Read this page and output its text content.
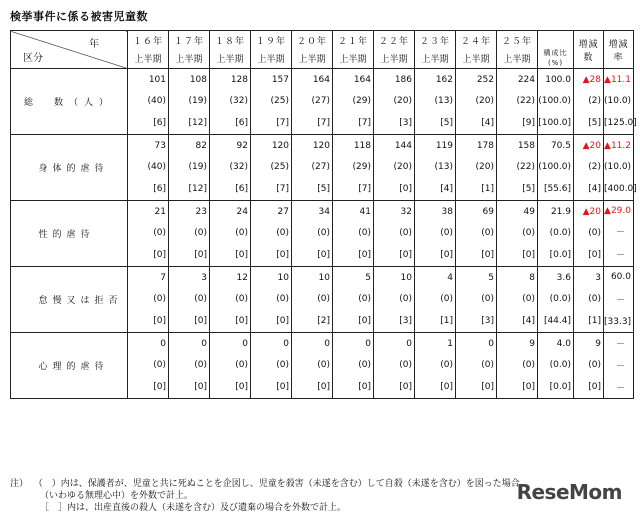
検挙事件に係る被害児童数
年
区分		１６年	１７年	１８年	１９年	２０年	２１年	２２年	２３年	２４年	２５年	構成比(%)	増減数	増減率
		上半期	上半期	上半期	上半期	上半期	上半期	上半期	上半期	上半期	上半期			
総　数（人）		101
(40)
[6]	108
(19)
[12]	128
(32)
[6]	157
(25)
[7]	164
(27)
[7]	164
(29)
[7]	186
(20)
[3]	162
(13)
[5]	252
(20)
[4]	224
(22)
[9]	100.0
(100.0)
[100.0]	▲28
(2)
[5]	▲11.1
(10.0)
[125.0]

	身体的虐待	73
(40)
[6]	82
(19)
[12]	92
(32)
[6]	120
(25)
[7]	120
(27)
[5]	118
(29)
[7]	144
(20)
[0]	119
(13)
[4]	178
(20)
[1]	158
(22)
[5]	70.5
(100.0)
[55.6]	▲20
(2)
[4]	▲11.2
(10.0)
[400.0]

	性的虐待	21
(0)
[0]	23
(0)
[0]	24
(0)
[0]	27
(0)
[0]	34
(0)
[0]	41
(0)
[0]	32
(0)
[0]	38
(0)
[0]	69
(0)
[0]	49
(0)
[0]	21.9
(0.0)
[0.0]	▲20
(0)
[0]	▲29.0
－
－

	怠慢又は拒否	7
(0)
[0]	3
(0)
[0]	12
(0)
[0]	10
(0)
[0]	10
(0)
[2]	5
(0)
[0]	10
(0)
[3]	4
(0)
[1]	5
(0)
[3]	8
(0)
[4]	3.6
(0.0)
[44.4]	3
(0)
[1]	60.0
－
[33.3]

	心理的虐待	0
(0)
[0]	0
(0)
[0]	0
(0)
[0]	0
(0)
[0]	0
(0)
[0]	0
(0)
[0]	0
(0)
[0]	1
(0)
[0]	0
(0)
[0]	9
(0)
[0]	4.0
(0.0)
[0.0]	9
(0)
[0]	－
－
－
注） （　）内は、保護者が、児童と共に死ぬことを企図し、児童を殺害（未遂を含む）して自殺（未遂を含む）を図った場合
（いわゆる無理心中）を外数で計上。
［　］内は、出産直後の殺人（未遂を含む）及び遺棄の場合を外数で計上。
ReseMom
